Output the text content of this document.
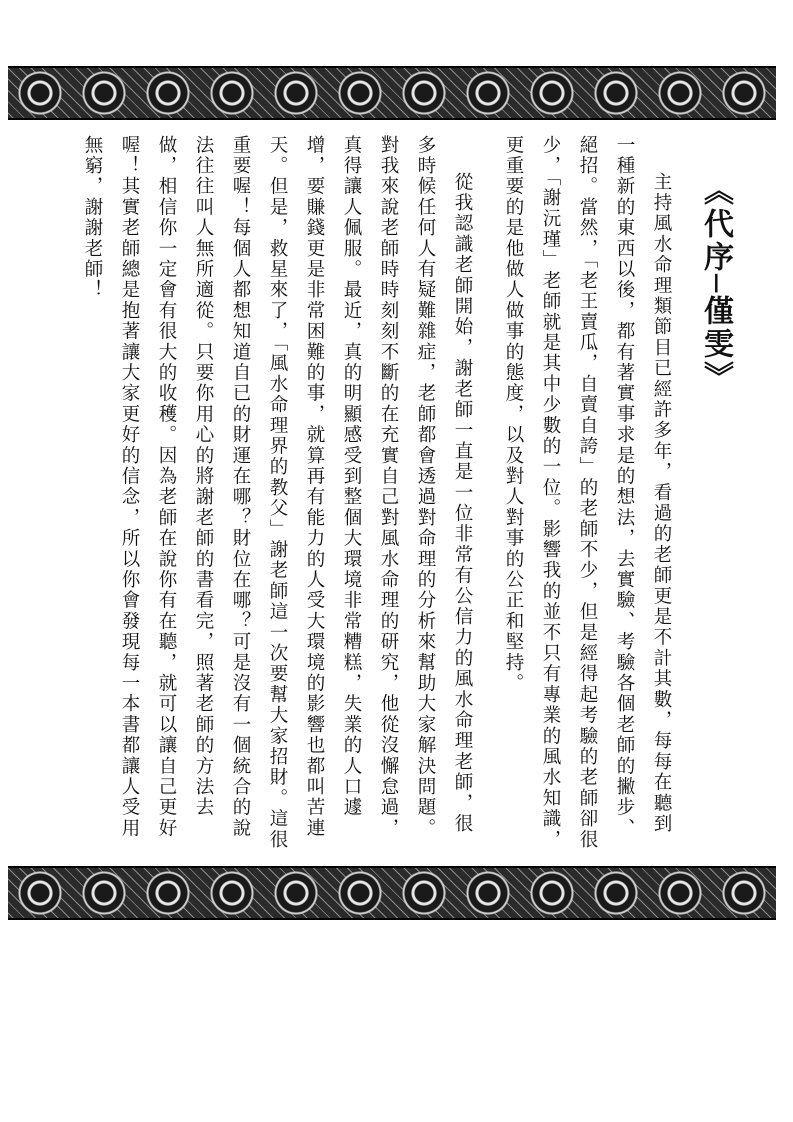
《代序─僅雯》

主持風水命理類節目已經許多年，看過的老師更是不計其數，每每在聽到一種新的東西以後，都有著實事求是的想法，去實驗、考驗各個老師的撇步、絕招。當然，「老王賣瓜，自賣自誇」的老師不少，但是經得起考驗的老師卻很少，「謝沅瑾」老師就是其中少數的一位。影響我的並不只有專業的風水知識，更重要的是他做人做事的態度，以及對人對事的公正和堅持。

從我認識老師開始，謝老師一直是一位非常有公信力的風水命理老師，很多時候任何人有疑難雜症，老師都會透過對命理的分析來幫助大家解決問題。對我來說老師時時刻刻不斷的在充實自己對風水命理的研究，他從沒懈怠過，真得讓人佩服。最近，真的明顯感受到整個大環境非常糟糕，失業的人口遽增，要賺錢更是非常困難的事，就算再有能力的人受大環境的影響也都叫苦連天。但是，救星來了，「風水命理界的教父」謝老師這一次要幫大家招財。這很重要喔！每個人都想知道自已的財運在哪？財位在哪？可是沒有一個統合的說法往往叫人無所適從。只要你用心的將謝老師的書看完，照著老師的方法去做，相信你一定會有很大的收穫。因為老師在說你有在聽，就可以讓自己更好喔！其實老師總是抱著讓大家更好的信念，所以你會發現每一本書都讓人受用無窮，謝謝老師！
